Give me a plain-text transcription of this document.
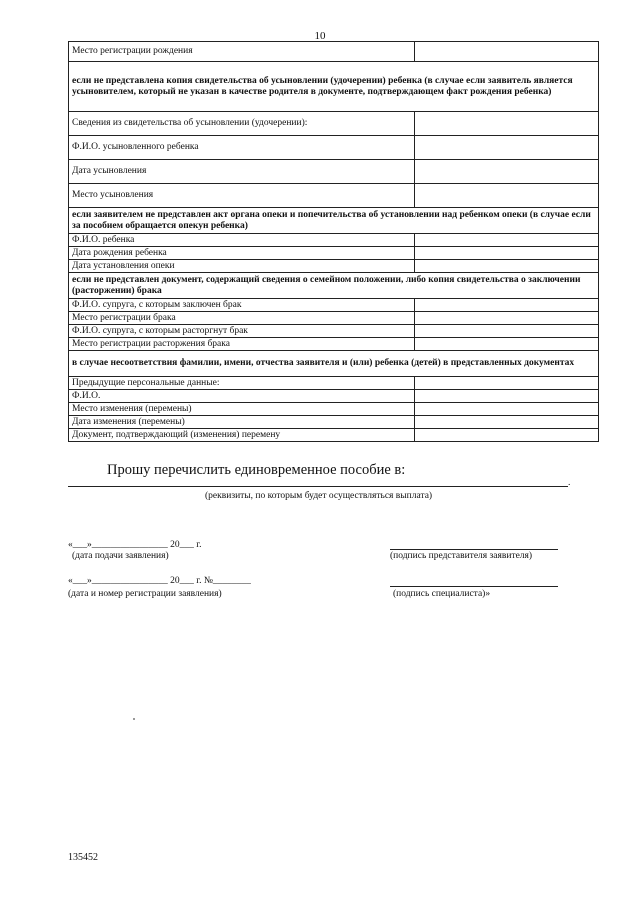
10
Место регистрации рождения	
если не представлена копия свидетельства об усыновлении (удочерении) ребенка (в случае если заявитель является усыновителем, который не указан в качестве родителя в документе, подтверждающем факт рождения ребенка)	
Сведения из свидетельства об усыновлении (удочерении):	
Ф.И.О. усыновленного ребенка	
Дата усыновления	
Место усыновления	
если заявителем не представлен акт органа опеки и попечительства об установлении над ребенком опеки (в случае если за пособием обращается опекун ребенка)	
Ф.И.О. ребенка	
Дата рождения ребенка	
Дата установления опеки	
если не представлен документ, содержащий сведения о семейном положении, либо копия свидетельства о заключении (расторжении) брака	
Ф.И.О. супруга, с которым заключен брак	
Место регистрации брака	
Ф.И.О. супруга, с которым расторгнут брак	
Место регистрации расторжения брака	
в случае несоответствия фамилии, имени, отчества заявителя и (или) ребенка (детей) в представленных документах	
Предыдущие персональные данные:	
Ф.И.О.	
Место изменения (перемены)	
Дата изменения (перемены)	
Документ, подтверждающий (изменения) перемену	
Прошу перечислить единовременное пособие в:
.
(реквизиты, по которым будет осуществляться выплата)
«___»________________ 20___ г.
(дата подачи заявления)	(подпись представителя заявителя)
«___»________________ 20___ г. №________
(дата и номер регистрации заявления)	(подпись специалиста)»
135452
